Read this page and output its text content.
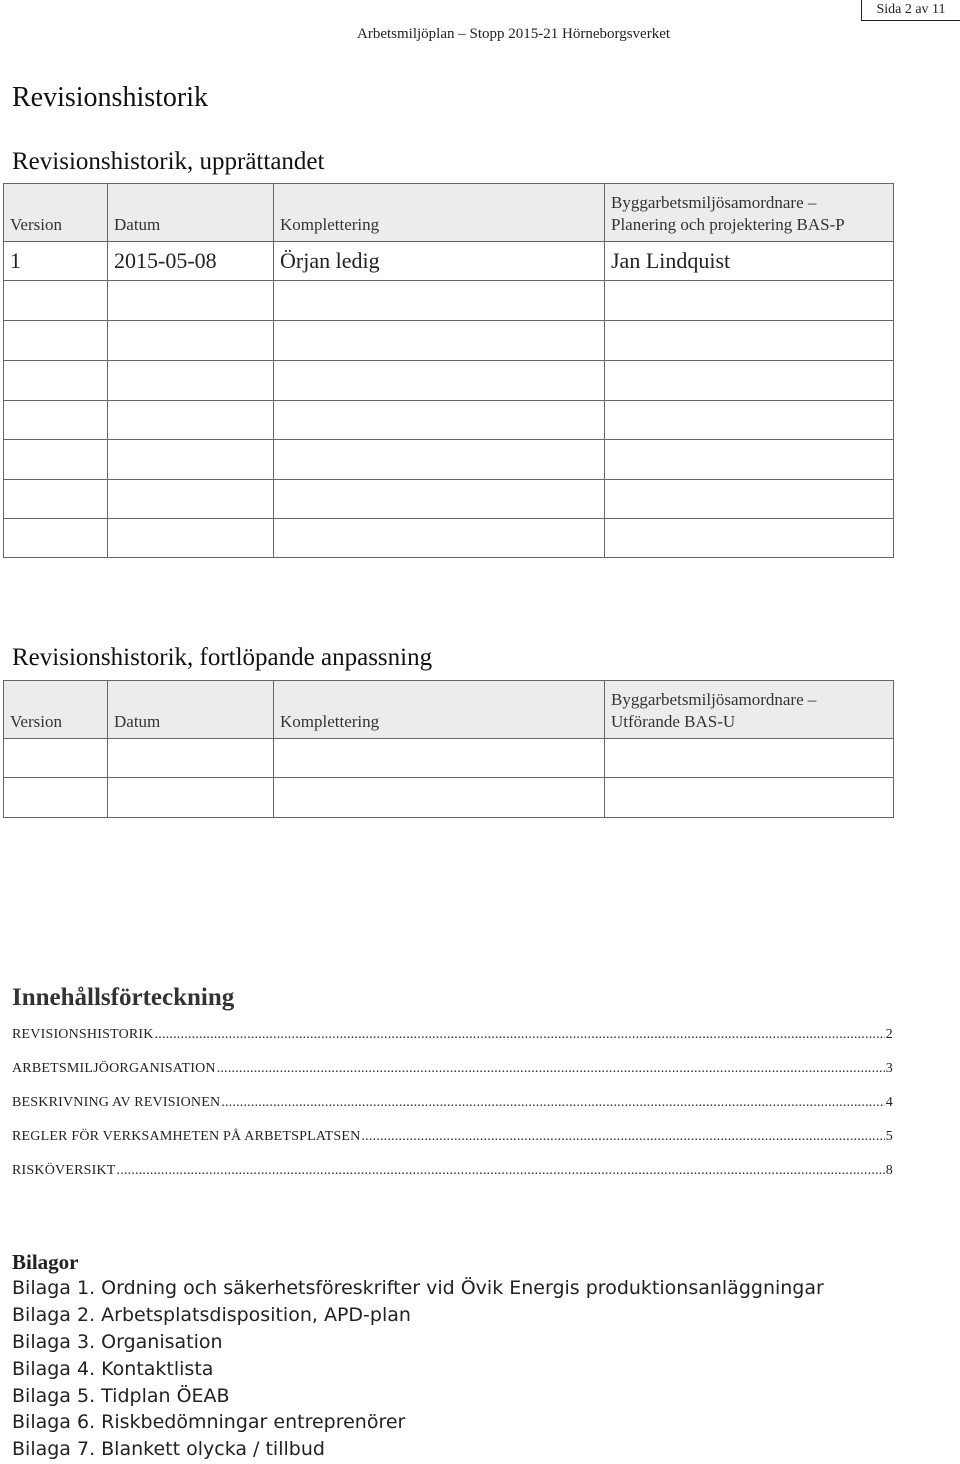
Sida 2 av 11
Arbetsmiljöplan – Stopp 2015-21 Hörneborgsverket
Revisionshistorik
Revisionshistorik, upprättandet
Version	Datum	Komplettering	Byggarbetsmiljösamordnare –
Planering och projektering BAS-P

1	2015-05-08	Örjan ledig	Jan Lindquist

Revisionshistorik, fortlöpande anpassning
Version	Datum	Komplettering	Byggarbetsmiljösamordnare –
Utförande BAS-U

Innehållsförteckning
REVISIONSHISTORIK .....	2
ARBETSMILJÖORGANISATION .....	3
BESKRIVNING AV REVISIONEN .....	4
REGLER FÖR VERKSAMHETEN PÅ ARBETSPLATSEN .....	5
RISKÖVERSIKT .....	8
Bilagor
Bilaga 1. Ordning och säkerhetsföreskrifter vid Övik Energis produktionsanläggningar
Bilaga 2. Arbetsplatsdisposition, APD-plan
Bilaga 3. Organisation
Bilaga 4. Kontaktlista
Bilaga 5. Tidplan ÖEAB
Bilaga 6. Riskbedömningar entreprenörer
Bilaga 7. Blankett olycka / tillbud
